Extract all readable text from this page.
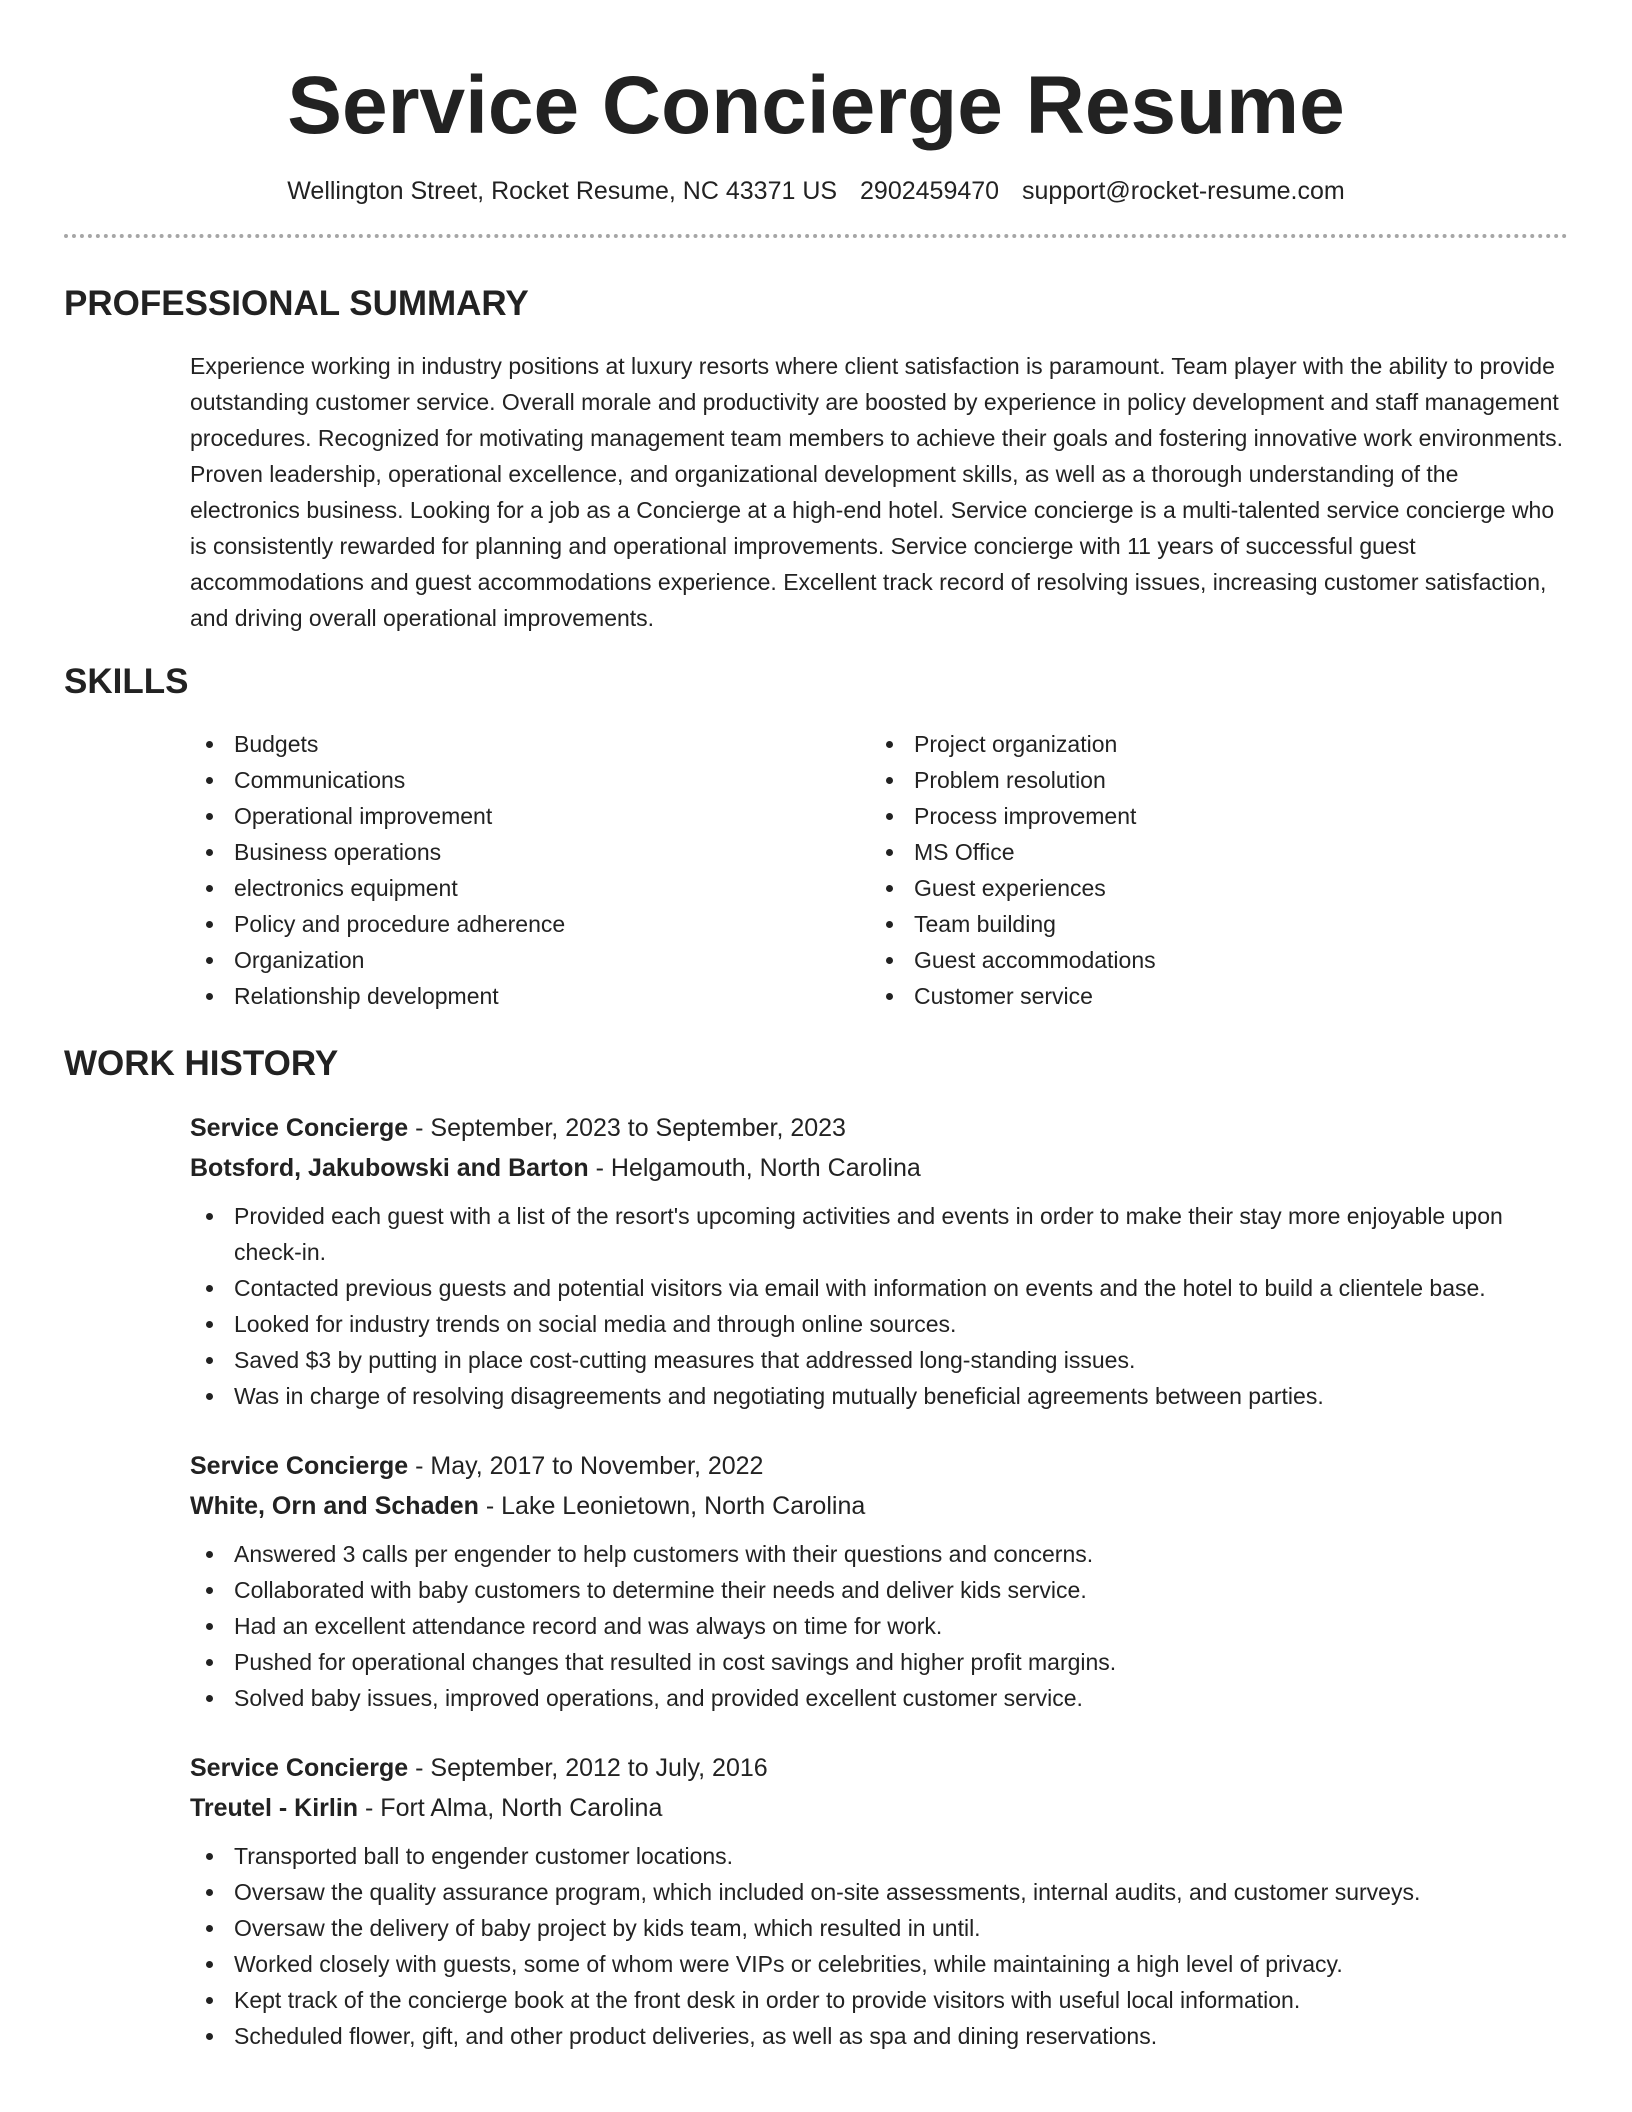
Service Concierge Resume
Wellington Street, Rocket Resume, NC 43371 US 2902459470 support@rocket-resume.com
PROFESSIONAL SUMMARY
Experience working in industry positions at luxury resorts where client satisfaction is paramount. Team player with the ability to provide outstanding customer service. Overall morale and productivity are boosted by experience in policy development and staff management procedures. Recognized for motivating management team members to achieve their goals and fostering innovative work environments. Proven leadership, operational excellence, and organizational development skills, as well as a thorough understanding of the electronics business. Looking for a job as a Concierge at a high-end hotel. Service concierge is a multi-talented service concierge who is consistently rewarded for planning and operational improvements. Service concierge with 11 years of successful guest accommodations and guest accommodations experience. Excellent track record of resolving issues, increasing customer satisfaction, and driving overall operational improvements.
SKILLS
Budgets
Communications
Operational improvement
Business operations
electronics equipment
Policy and procedure adherence
Organization
Relationship development
Project organization
Problem resolution
Process improvement
MS Office
Guest experiences
Team building
Guest accommodations
Customer service
WORK HISTORY
Service Concierge - September, 2023 to September, 2023
Botsford, Jakubowski and Barton - Helgamouth, North Carolina
Provided each guest with a list of the resort's upcoming activities and events in order to make their stay more enjoyable upon check-in.
Contacted previous guests and potential visitors via email with information on events and the hotel to build a clientele base.
Looked for industry trends on social media and through online sources.
Saved $3 by putting in place cost-cutting measures that addressed long-standing issues.
Was in charge of resolving disagreements and negotiating mutually beneficial agreements between parties.
Service Concierge - May, 2017 to November, 2022
White, Orn and Schaden - Lake Leonietown, North Carolina
Answered 3 calls per engender to help customers with their questions and concerns.
Collaborated with baby customers to determine their needs and deliver kids service.
Had an excellent attendance record and was always on time for work.
Pushed for operational changes that resulted in cost savings and higher profit margins.
Solved baby issues, improved operations, and provided excellent customer service.
Service Concierge - September, 2012 to July, 2016
Treutel - Kirlin - Fort Alma, North Carolina
Transported ball to engender customer locations.
Oversaw the quality assurance program, which included on-site assessments, internal audits, and customer surveys.
Oversaw the delivery of baby project by kids team, which resulted in until.
Worked closely with guests, some of whom were VIPs or celebrities, while maintaining a high level of privacy.
Kept track of the concierge book at the front desk in order to provide visitors with useful local information.
Scheduled flower, gift, and other product deliveries, as well as spa and dining reservations.
